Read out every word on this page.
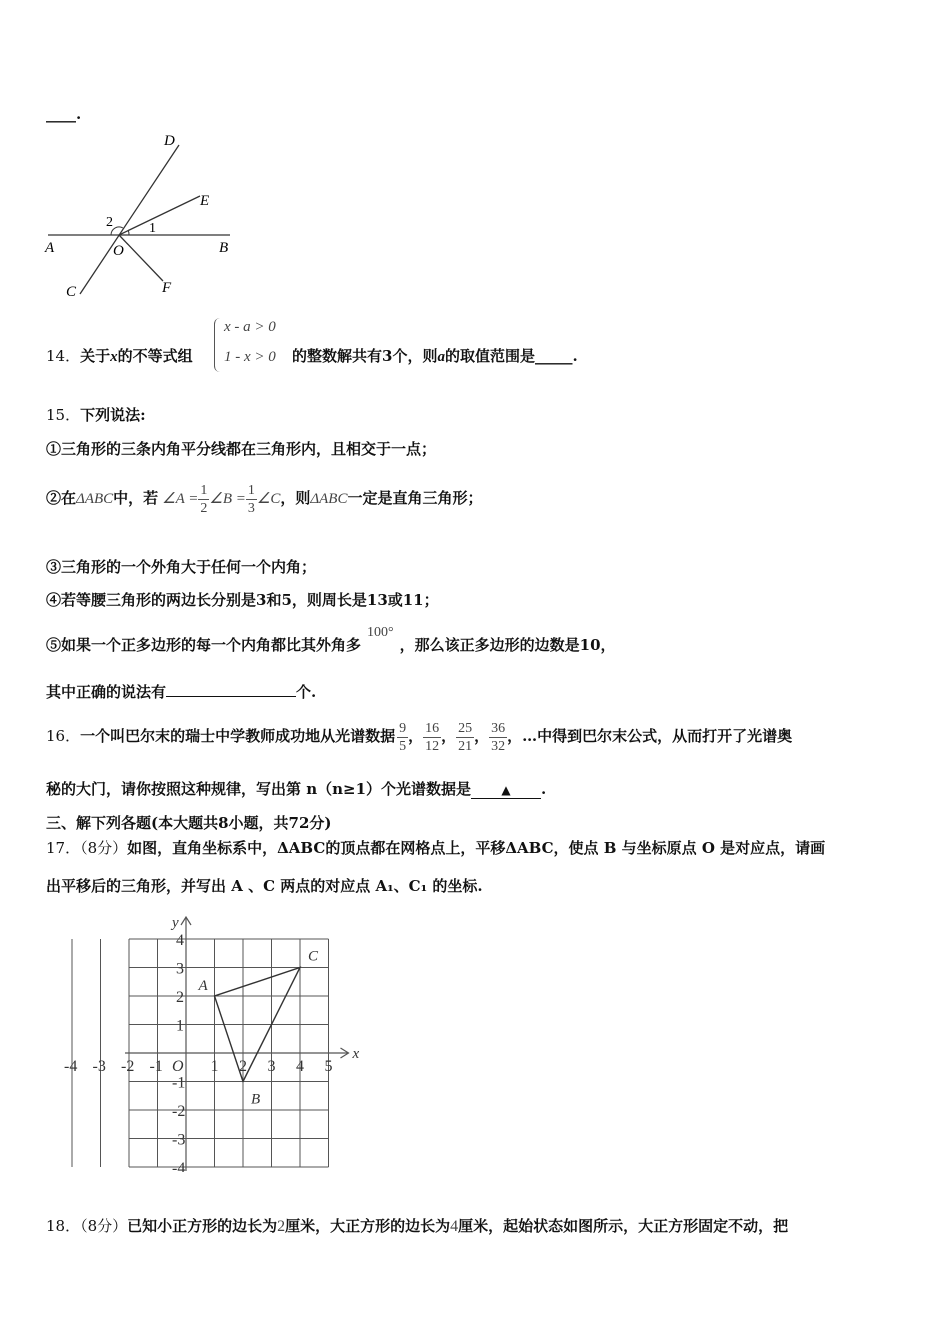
____.
D
E
A	O	B
C	F
1
2
14．关于x的不等式组
x - a > 0
1 - x > 0 的整数解共有3个，则a的取值范围是_____.
15．下列说法:
①三角形的三条内角平分线都在三角形内，且相交于一点；
②在ΔABC中，若 ∠A = $\frac{1}{2}$ ∠B = $\frac{1}{3}$ ∠C，则ΔABC一定是直角三角形；
③三角形的一个外角大于任何一个内角；
④若等腰三角形的两边长分别是3和5，则周长是13或11；
⑤如果一个正多边形的每一个内角都比其外角多100°，那么该正多边形的边数是10，
其中正确的说法有	个.
16．一个叫巴尔末的瑞士中学教师成功地从光谱数据 $\frac{9}{5}$ ， $\frac{16}{12}$ ， $\frac{25}{21}$ ， $\frac{36}{32}$ ，…中得到巴尔末公式，从而打开了光谱奥
秘的大门，请你按照这种规律，写出第 n（n≥1）个光谱数据是	▲ .
三、解下列各题(本大题共8小题，共72分)
17．（8分）如图，直角坐标系中，ΔABC的顶点都在网格点上，平移ΔABC，使点 B 与坐标原点 O 是对应点，请画
出平移后的三角形，并写出 A 、C 两点的对应点 A₁、C₁ 的坐标.
x
y
-4 -3 -2 -1	1 2 3 4 5
4
3
2
1
-1
-2
-3
-4
O
A
B
C
18．（8分）已知小正方形的边长为2厘米，大正方形的边长为4厘米，起始状态如图所示，大正方形固定不动，把
